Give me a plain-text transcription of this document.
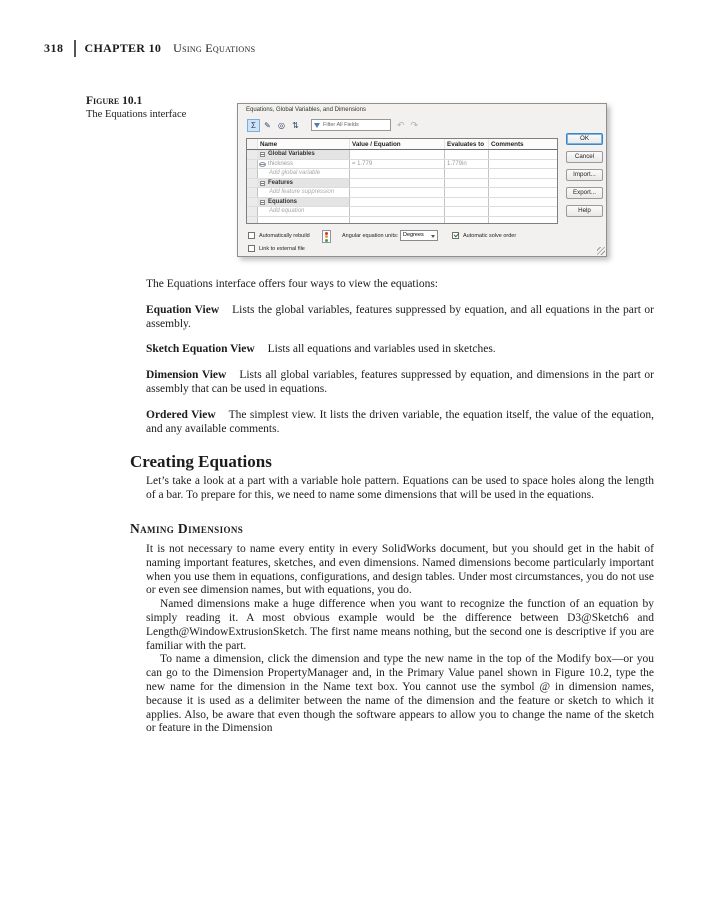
318 CHAPTER 10 Using Equations
Figure 10.1
The Equations interface	Equations, Global Variables, and Dimensions
Σ	✎ ◎ ⇅	Filter All Fields	↶ ↷
Name	Value / Equation	Evaluates to Comments
Global Variables
thickness	= 1.779	1.779in
Add global variable
Features
Add feature suppression
Equations
Add equation
OK
Cancel
Import...
Export...
Help
Automatically rebuild	Angular equation units: Degrees	Automatic solve order
Link to external file

The Equations interface offers four ways to view the equations:

Equation View Lists the global variables, features suppressed by equation, and all equations in the part or assembly.

Sketch Equation View Lists all equations and variables used in sketches.

Dimension View Lists all global variables, features suppressed by equation, and dimensions in the part or assembly that can be used in equations.

Ordered View The simplest view. It lists the driven variable, the equation itself, the value of the equation, and any available comments.

Creating Equations

Let’s take a look at a part with a variable hole pattern. Equations can be used to space holes along the length of a bar. To prepare for this, we need to name some dimensions that will be used in the equations.

Naming Dimensions

It is not necessary to name every entity in every SolidWorks document, but you should get in the habit of naming important features, sketches, and even dimensions. Named dimensions become particularly important when you use them in equations, configurations, and design tables. Under most circumstances, you do not use or even see dimension names, but with equations, you do.

Named dimensions make a huge difference when you want to recognize the function of an equation by simply reading it. A most obvious example would be the difference between D3@Sketch6 and Length@WindowExtrusionSketch. The first name means nothing, but the second one is descriptive if you are familiar with the part.

To name a dimension, click the dimension and type the new name in the top of the Modify box—or you can go to the Dimension PropertyManager and, in the Primary Value panel shown in Figure 10.2, type the new name for the dimension in the Name text box. You cannot use the symbol @ in dimension names, because it is used as a delimiter between the name of the dimension and the feature or sketch to which it applies. Also, be aware that even though the software appears to allow you to change the name of the sketch or feature in the Dimension
